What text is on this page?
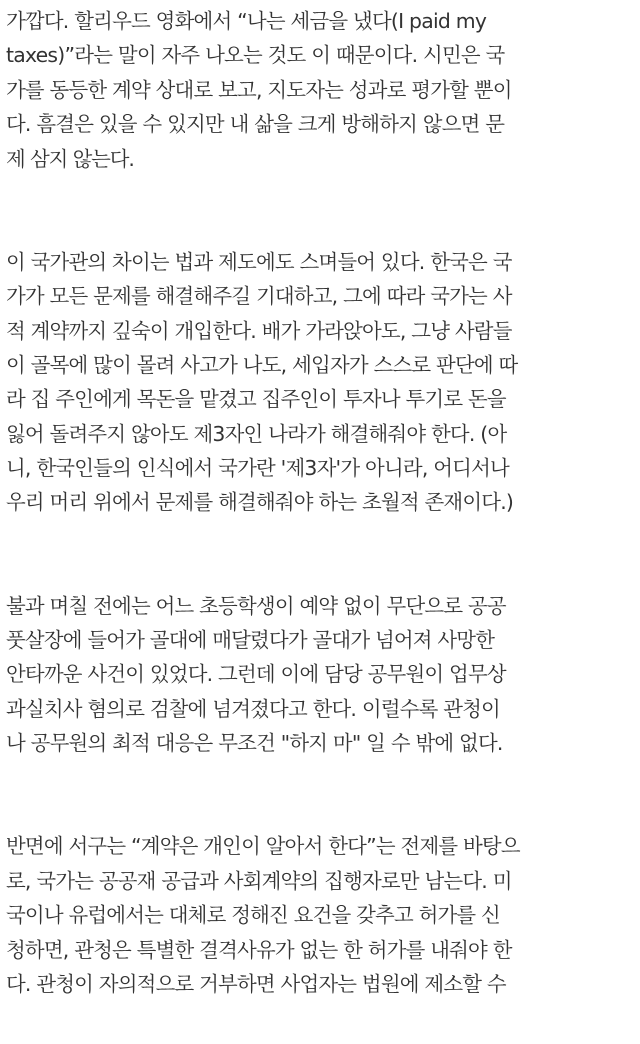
가깝다. 할리우드 영화에서 “나는 세금을 냈다(I paid my
taxes)”라는 말이 자주 나오는 것도 이 때문이다. 시민은 국
가를 동등한 계약 상대로 보고, 지도자는 성과로 평가할 뿐이
다. 흠결은 있을 수 있지만 내 삶을 크게 방해하지 않으면 문
제 삼지 않는다.
이 국가관의 차이는 법과 제도에도 스며들어 있다. 한국은 국
가가 모든 문제를 해결해주길 기대하고, 그에 따라 국가는 사
적 계약까지 깊숙이 개입한다. 배가 가라앉아도, 그냥 사람들
이 골목에 많이 몰려 사고가 나도, 세입자가 스스로 판단에 따
라 집 주인에게 목돈을 맡겼고 집주인이 투자나 투기로 돈을
잃어 돌려주지 않아도 제3자인 나라가 해결해줘야 한다. (아
니, 한국인들의 인식에서 국가란 '제3자'가 아니라, 어디서나
우리 머리 위에서 문제를 해결해줘야 하는 초월적 존재이다.)
불과 며칠 전에는 어느 초등학생이 예약 없이 무단으로 공공
풋살장에 들어가 골대에 매달렸다가 골대가 넘어져 사망한
안타까운 사건이 있었다. 그런데 이에 담당 공무원이 업무상
과실치사 혐의로 검찰에 넘겨졌다고 한다. 이럴수록 관청이
나 공무원의 최적 대응은 무조건 "하지 마" 일 수 밖에 없다.
반면에 서구는 “계약은 개인이 알아서 한다”는 전제를 바탕으
로, 국가는 공공재 공급과 사회계약의 집행자로만 남는다. 미
국이나 유럽에서는 대체로 정해진 요건을 갖추고 허가를 신
청하면, 관청은 특별한 결격사유가 없는 한 허가를 내줘야 한
다. 관청이 자의적으로 거부하면 사업자는 법원에 제소할 수
